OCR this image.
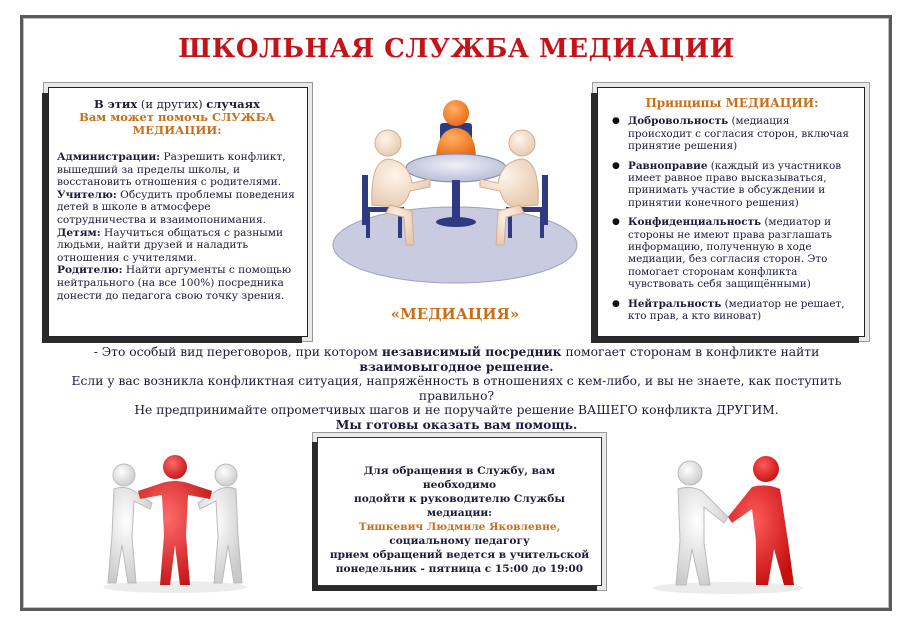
ШКОЛЬНАЯ СЛУЖБА МЕДИАЦИИ
В этих (и других) случаях
Вам может помочь СЛУЖБА МЕДИАЦИИ:

Администрации: Разрешить конфликт, вышедший за пределы школы, и восстановить отношения с родителями.

Учителю: Обсудить проблемы поведения детей в школе в атмосфере сотрудничества и взаимопонимания.

Детям: Научиться общаться с разными людьми, найти друзей и наладить отношения с учителями.

Родителю: Найти аргументы с помощью нейтрального (на все 100%) посредника донести до педагога свою точку зрения.

«МЕДИАЦИЯ»
Принципы МЕДИАЦИИ:
● Добровольность (медиация происходит с согласия сторон, включая принятие решения)
● Равноправие (каждый из участников имеет равное право высказываться, принимать участие в обсуждении и принятии конечного решения)
● Конфиденциальность (медиатор и стороны не имеют права разглашать информацию, полученную в ходе медиации, без согласия сторон. Это помогает сторонам конфликта чувствовать себя защищёнными)
● Нейтральность (медиатор не решает, кто прав, а кто виноват)
- Это особый вид переговоров, при котором независимый посредник помогает сторонам в конфликте найти
взаимовыгодное решение.
Если у вас возникла конфликтная ситуация, напряжённость в отношениях с кем-либо, и вы не знаете, как поступить правильно?
Не предпринимайте опрометчивых шагов и не поручайте решение ВАШЕГО конфликта ДРУГИМ.
Мы готовы оказать вам помощь.
Для обращения в Службу, вам необходимо
подойти к руководителю Службы медиации:
Тишкевич Людмиле Яковлевне,
социальному педагогу
прием обращений ведется в учительской
понедельник - пятница с 15:00 до 19:00
